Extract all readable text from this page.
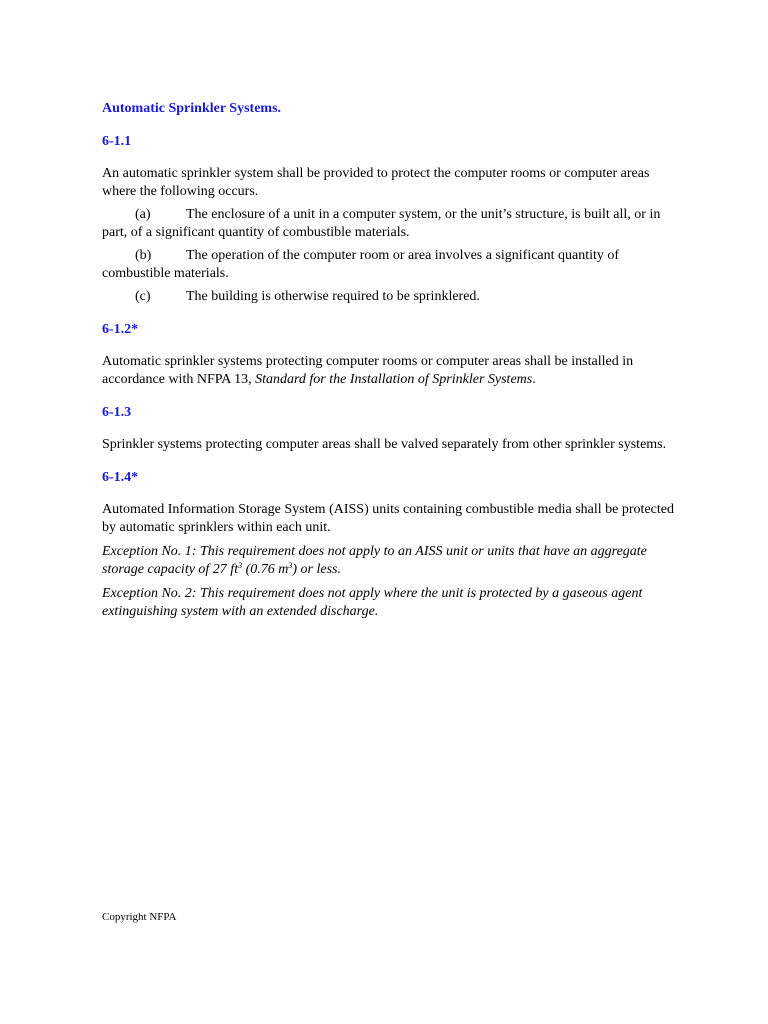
Automatic Sprinkler Systems.
6-1.1

An automatic sprinkler system shall be provided to protect the computer rooms or computer areas where the following occurs.

(a)	The enclosure of a unit in a computer system, or the unit’s structure, is built all, or in part, of a significant quantity of combustible materials.

(b) The operation of the computer room or area involves a significant quantity of combustible materials.

(c)	The building is otherwise required to be sprinklered.

6-1.2*

Automatic sprinkler systems protecting computer rooms or computer areas shall be installed in accordance with NFPA 13, Standard for the Installation of Sprinkler Systems.

6-1.3

Sprinkler systems protecting computer areas shall be valved separately from other sprinkler systems.

6-1.4*

Automated Information Storage System (AISS) units containing combustible media shall be protected by automatic sprinklers within each unit.

Exception No. 1: This requirement does not apply to an AISS unit or units that have an aggregate storage capacity of 27 $ft^3$ (0.76 $m^3$) or less.

Exception No. 2: This requirement does not apply where the unit is protected by a gaseous agent extinguishing system with an extended discharge.

Copyright NFPA
